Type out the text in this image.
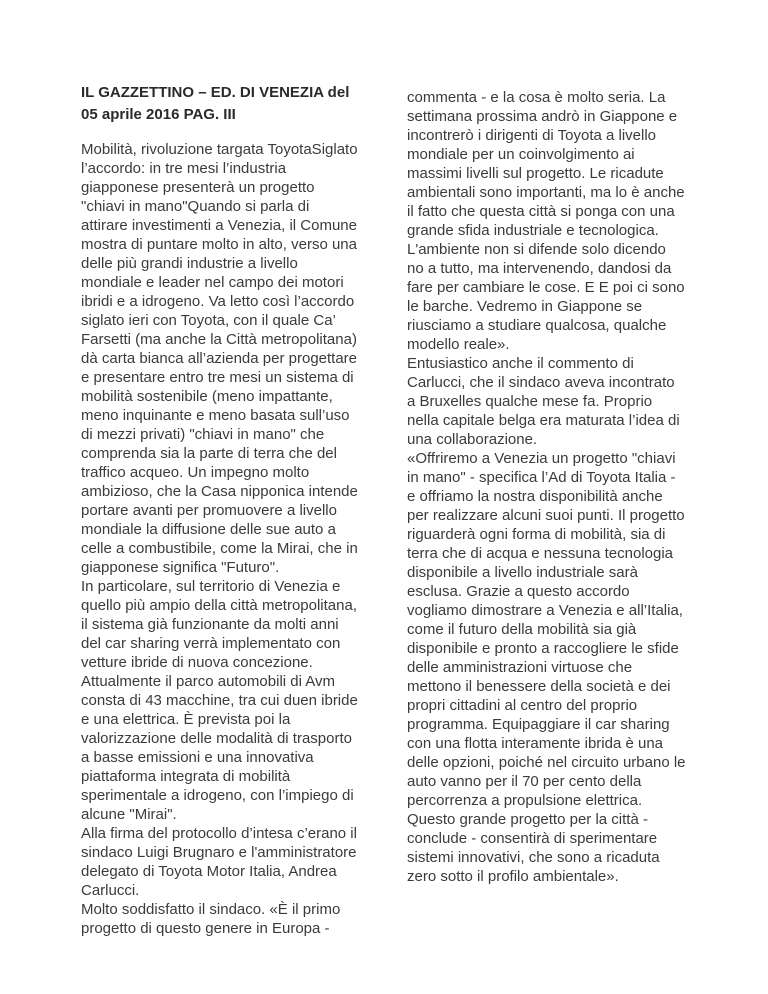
IL GAZZETTINO – ED. DI VENEZIA del
05 aprile 2016 PAG. III
Mobilità, rivoluzione targata ToyotaSiglato
l’accordo: in tre mesi l’industria
giapponese presenterà un progetto
"chiavi in mano"Quando si parla di
attirare investimenti a Venezia, il Comune
mostra di puntare molto in alto, verso una
delle più grandi industrie a livello
mondiale e leader nel campo dei motori
ibridi e a idrogeno. Va letto così l’accordo
siglato ieri con Toyota, con il quale Ca’
Farsetti (ma anche la Città metropolitana)
dà carta bianca all’azienda per progettare
e presentare entro tre mesi un sistema di
mobilità sostenibile (meno impattante,
meno inquinante e meno basata sull’uso
di mezzi privati) "chiavi in mano" che
comprenda sia la parte di terra che del
traffico acqueo. Un impegno molto
ambizioso, che la Casa nipponica intende
portare avanti per promuovere a livello
mondiale la diffusione delle sue auto a
celle a combustibile, come la Mirai, che in
giapponese significa "Futuro".
In particolare, sul territorio di Venezia e
quello più ampio della città metropolitana,
il sistema già funzionante da molti anni
del car sharing verrà implementato con
vetture ibride di nuova concezione.
Attualmente il parco automobili di Avm
consta di 43 macchine, tra cui duen ibride
e una elettrica. È prevista poi la
valorizzazione delle modalità di trasporto
a basse emissioni e una innovativa
piattaforma integrata di mobilità
sperimentale a idrogeno, con l’impiego di
alcune "Mirai".
Alla firma del protocollo d’intesa c’erano il
sindaco Luigi Brugnaro e l'amministratore
delegato di Toyota Motor Italia, Andrea
Carlucci.
Molto soddisfatto il sindaco. «È il primo
progetto di questo genere in Europa -
commenta - e la cosa è molto seria. La
settimana prossima andrò in Giappone e
incontrerò i dirigenti di Toyota a livello
mondiale per un coinvolgimento ai
massimi livelli sul progetto. Le ricadute
ambientali sono importanti, ma lo è anche
il fatto che questa città si ponga con una
grande sfida industriale e tecnologica.
L'ambiente non si difende solo dicendo
no a tutto, ma intervenendo, dandosi da
fare per cambiare le cose. E E poi ci sono
le barche. Vedremo in Giappone se
riusciamo a studiare qualcosa, qualche
modello reale».
Entusiastico anche il commento di
Carlucci, che il sindaco aveva incontrato
a Bruxelles qualche mese fa. Proprio
nella capitale belga era maturata l’idea di
una collaborazione.
«Offriremo a Venezia un progetto "chiavi
in mano" - specifica l’Ad di Toyota Italia -
e offriamo la nostra disponibilità anche
per realizzare alcuni suoi punti. Il progetto
riguarderà ogni forma di mobilità, sia di
terra che di acqua e nessuna tecnologia
disponibile a livello industriale sarà
esclusa. Grazie a questo accordo
vogliamo dimostrare a Venezia e all’Italia,
come il futuro della mobilità sia già
disponibile e pronto a raccogliere le sfide
delle amministrazioni virtuose che
mettono il benessere della società e dei
propri cittadini al centro del proprio
programma. Equipaggiare il car sharing
con una flotta interamente ibrida è una
delle opzioni, poiché nel circuito urbano le
auto vanno per il 70 per cento della
percorrenza a propulsione elettrica.
Questo grande progetto per la città -
conclude - consentirà di sperimentare
sistemi innovativi, che sono a ricaduta
zero sotto il profilo ambientale».
